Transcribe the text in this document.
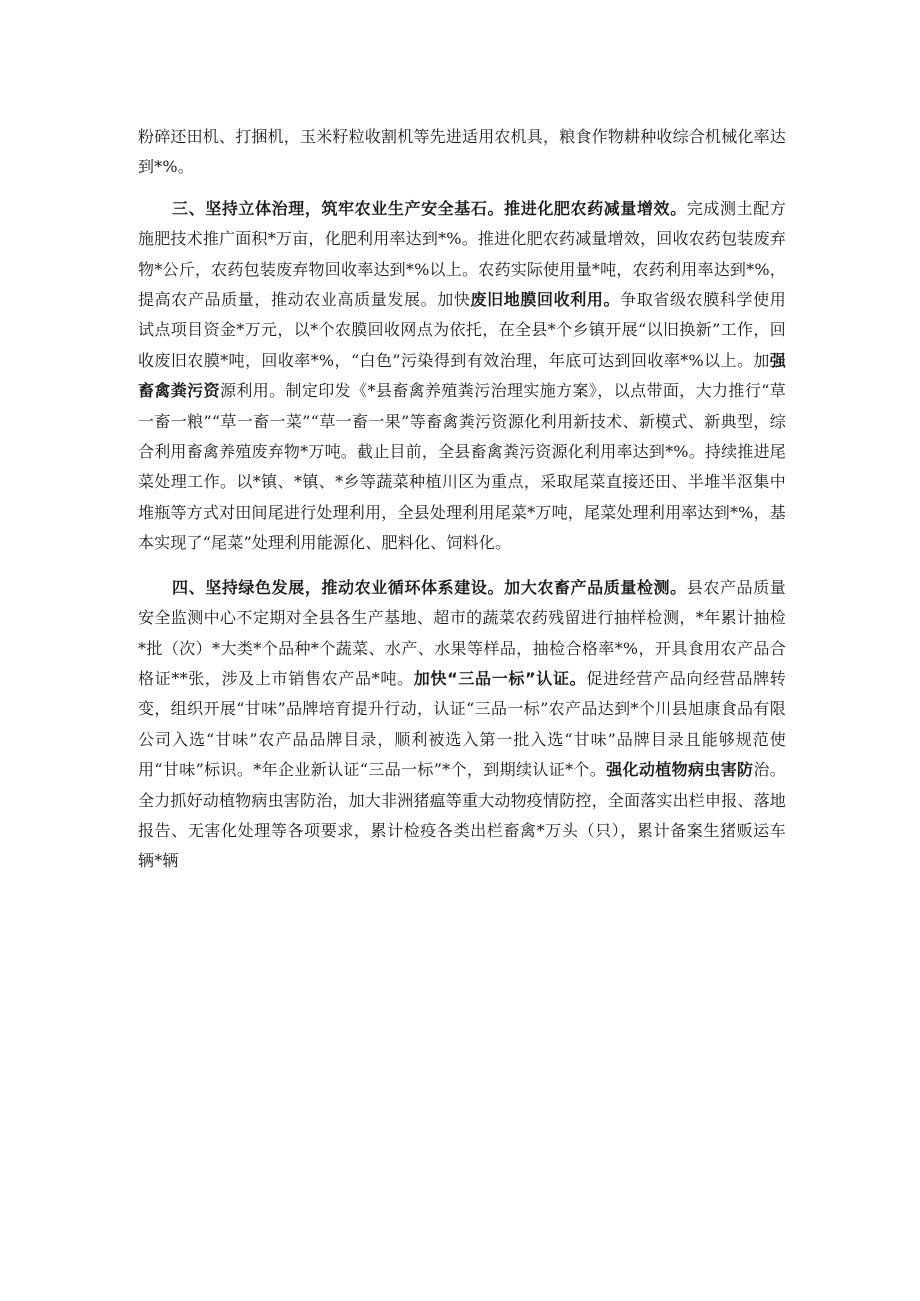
粉碎还田机、打捆机，玉米籽粒收割机等先进适用农机具，粮食作物耕种收综合机械化率达到*%。

三、坚持立体治理，筑牢农业生产安全基石。推进化肥农药减量增效。完成测土配方施肥技术推广面积*万亩，化肥利用率达到*%。推进化肥农药减量增效，回收农药包装废弃物*公斤，农药包装废弃物回收率达到*%以上。农药实际使用量*吨，农药利用率达到*%，提高农产品质量，推动农业高质量发展。加快废旧地膜回收利用。争取省级农膜科学使用试点项目资金*万元，以*个农膜回收网点为依托，在全县*个乡镇开展“以旧换新”工作，回收废旧农膜*吨，回收率*%，“白色”污染得到有效治理，年底可达到回收率*%以上。加强畜禽粪污资源利用。制定印发《*县畜禽养殖粪污治理实施方案》，以点带面，大力推行“草一畜一粮”“草一畜一菜”“草一畜一果”等畜禽粪污资源化利用新技术、新模式、新典型，综合利用畜禽养殖废弃物*万吨。截止目前，全县畜禽粪污资源化利用率达到*%。持续推进尾菜处理工作。以*镇、*镇、*乡等蔬菜种植川区为重点，采取尾菜直接还田、半堆半沤集中堆瓶等方式对田间尾进行处理利用，全县处理利用尾菜*万吨，尾菜处理利用率达到*%，基本实现了“尾菜”处理利用能源化、肥料化、饲料化。

四、坚持绿色发展，推动农业循环体系建设。加大农畜产品质量检测。县农产品质量安全监测中心不定期对全县各生产基地、超市的蔬菜农药残留进行抽样检测，*年累计抽检*批（次）*大类*个品种*个蔬菜、水产、水果等样品，抽检合格率*%，开具食用农产品合格证**张，涉及上市销售农产品*吨。加快“三品一标”认证。促进经营产品向经营品牌转变，组织开展“甘味”品牌培育提升行动，认证“三品一标”农产品达到*个川县旭康食品有限公司入选“甘味”农产品品牌目录，顺利被选入第一批入选“甘味”品牌目录且能够规范使用“甘味”标识。*年企业新认证“三品一标”*个，到期续认证*个。强化动植物病虫害防治。全力抓好动植物病虫害防治，加大非洲猪瘟等重大动物疫情防控，全面落实出栏申报、落地报告、无害化处理等各项要求，累计检疫各类出栏畜禽*万头（只），累计备案生猪贩运车辆*辆
